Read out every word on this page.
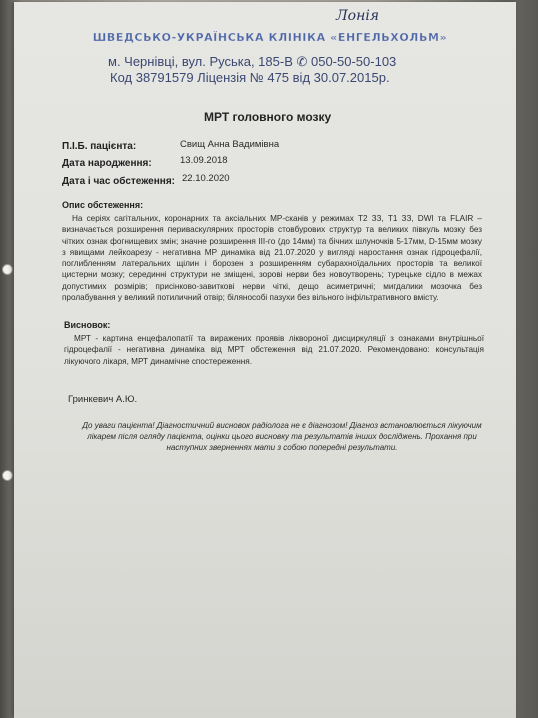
Лонія
ШВЕДСЬКО-УКРАЇНСЬКА КЛІНІКА «ЕНГЕЛЬХОЛЬМ»
м. Чернівці, вул. Руська, 185-В ✆ 050-50-50-103
Код 38791579 Ліцензія № 475 від 30.07.2015р.
МРТ головного мозку
П.І.Б. пацієнта:	Свищ Анна Вадимівна
Дата народження:	13.09.2018
Дата і час обстеження: 22.10.2020
Опис обстеження:
На серіях сагітальних, коронарних та аксіальних МР-сканів у режимах Т2 ЗЗ, Т1 ЗЗ, DWI та FLAIR – визначається розширення периваскулярних просторів стовбурових структур та великих півкуль мозку без чітких ознак фогнищевих змін; значне розширення ІІІ-го (до 14мм) та бічних шлуночків 5-17мм, D-15мм мозку з явищами лейкоарезу - негативна МР динаміка від 21.07.2020 у вигляді наростання ознак гідроцефалії, поглибленням латеральних щілин і борозен з розширенням субарахноїдальних просторів та великої цистерни мозку; серединні структури не зміщені, зорові нерви без новоутворень; турецьке сідло в межах допустимих розмірів; присінково-завиткові нерви чіткі, дещо асиметричні; мигдалики мозочка без пролабування у великий потиличний отвір; білянособі пазухи без вільного інфільтративного вмісту.
Висновок:
МРТ - картина енцефалопатії та виражених проявів ліквороної дисциркуляції з ознаками внутрішньої гідроцефалії - негативна динаміка від МРТ обстеження від 21.07.2020. Рекомендовано: консультація лікуючого лікаря, МРТ динамічне спостереження.
Гринкевич А.Ю.
До уваги пацієнта! Діагностичний висновок радіолога не є діагнозом! Діагноз встановлюється лікуючим лікарем після огляду пацієнта, оцінки цього висновку та результатів інших досліджень. Прохання при наступних зверненнях мати з собою попередні результати.
